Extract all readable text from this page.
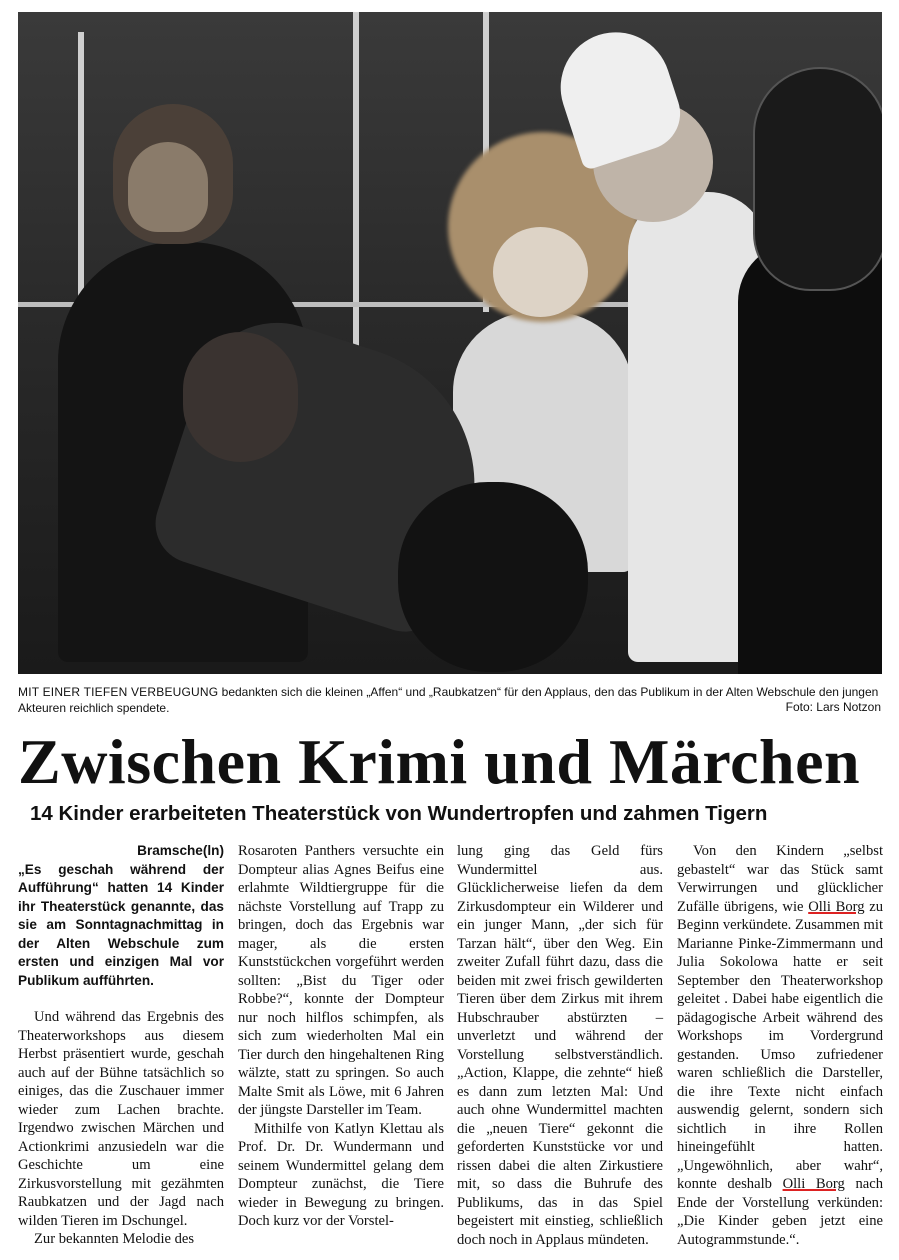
MIT EINER TIEFEN VERBEUGUNG bedankten sich die kleinen „Affen“ und „Raubkatzen“ für den Applaus, den das Publikum in der Alten Webschule den jungen Akteuren reichlich spendete.	Foto: Lars Notzon
Zwischen Krimi und Märchen
14 Kinder erarbeiteten Theaterstück von Wundertropfen und zahmen Tigern
Bramsche(ln)
„Es geschah während der Aufführung“ hatten 14 Kinder ihr Theaterstück genannte, das sie am Sonntagnachmittag in der Alten Webschule zum ersten und einzigen Mal vor Publikum aufführten.

Und während das Ergebnis des Theaterworkshops aus diesem Herbst präsentiert wurde, geschah auch auf der Bühne tatsächlich so einiges, das die Zuschauer immer wieder zum Lachen brachte. Irgendwo zwischen Märchen und Actionkrimi anzusiedeln war die Geschichte um eine Zirkusvorstellung mit gezähmten Raubkatzen und der Jagd nach wilden Tieren im Dschungel.

Zur bekannten Melodie des

Rosaroten Panthers versuchte ein Dompteur alias Agnes Beifus eine erlahmte Wildtiergruppe für die nächste Vorstellung auf Trapp zu bringen, doch das Ergebnis war mager, als die ersten Kunststückchen vorgeführt werden sollten: „Bist du Tiger oder Robbe?“, konnte der Dompteur nur noch hilflos schimpfen, als sich zum wiederholten Mal ein Tier durch den hingehaltenen Ring wälzte, statt zu springen. So auch Malte Smit als Löwe, mit 6 Jahren der jüngste Darsteller im Team.

Mithilfe von Katlyn Klettau als Prof. Dr. Dr. Wundermann und seinem Wundermittel gelang dem Dompteur zunächst, die Tiere wieder in Bewegung zu bringen. Doch kurz vor der Vorstel-

lung ging das Geld fürs Wundermittel aus. Glücklicherweise liefen da dem Zirkusdompteur ein Wilderer und ein junger Mann, „der sich für Tarzan hält“, über den Weg. Ein zweiter Zufall führt dazu, dass die beiden mit zwei frisch gewilderten Tieren über dem Zirkus mit ihrem Hubschrauber abstürzten – unverletzt und während der Vorstellung selbstverständlich. „Action, Klappe, die zehnte“ hieß es dann zum letzten Mal: Und auch ohne Wundermittel machten die „neuen Tiere“ gekonnt die geforderten Kunststücke vor und rissen dabei die alten Zirkustiere mit, so dass die Buhrufe des Publikums, das in das Spiel begeistert mit einstieg, schließlich doch noch in Applaus mündeten.

Von den Kindern „selbst gebastelt“ war das Stück samt Verwirrungen und glücklicher Zufälle übrigens, wie Olli Borg zu Beginn verkündete. Zusammen mit Marianne Pinke-Zimmermann und Julia Sokolowa hatte er seit September den Theaterworkshop geleitet . Dabei habe eigentlich die pädagogische Arbeit während des Workshops im Vordergrund gestanden. Umso zufriedener waren schließlich die Darsteller, die ihre Texte nicht einfach auswendig gelernt, sondern sich sichtlich in ihre Rollen hineingefühlt hatten. „Ungewöhnlich, aber wahr“, konnte deshalb Olli Borg nach Ende der Vorstellung verkünden: „Die Kinder geben jetzt eine Autogrammstunde.“.
